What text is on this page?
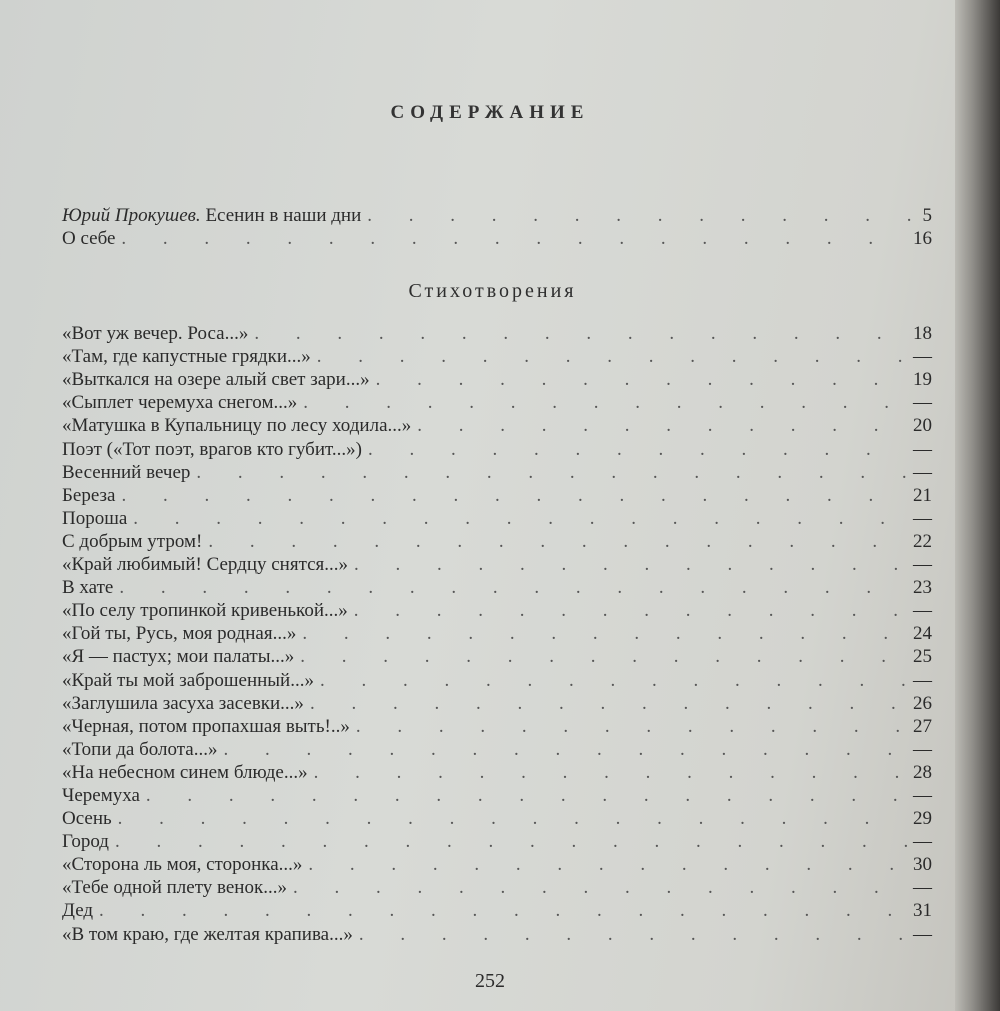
СОДЕРЖАНИЕ
Юрий Прокушев. Есенин в наши дни . . .	5
О себе . . .	16
Стихотворения
«Вот уж вечер. Роса...» . . .	18
«Там, где капустные грядки...» . . .	—
«Выткался на озере алый свет зари...» . . .	19
«Сыплет черемуха снегом...» . . .	—
«Матушка в Купальницу по лесу ходила...» . . .	20
Поэт («Тот поэт, врагов кто губит...») . . .	—
Весенний вечер . . .	—
Береза . . .	21
Пороша . . .	—
С добрым утром! . . .	22
«Край любимый! Сердцу снятся...» . . .	—
В хате . . .	23
«По селу тропинкой кривенькой...» . . .	—
«Гой ты, Русь, моя родная...» . . .	24
«Я — пастух; мои палаты...» . . .	25
«Край ты мой заброшенный...» . . .	—
«Заглушила засуха засевки...» . . .	26
«Черная, потом пропахшая выть!..» . . .	27
«Топи да болота...» . . .	—
«На небесном синем блюде...» . . .	28
Черемуха . . .	—
Осень . . .	29
Город . . .	—
«Сторона ль моя, сторонка...» . . .	30
«Тебе одной плету венок...» . . .	—
Дед . . .	31
«В том краю, где желтая крапива...» . . .	—
252
